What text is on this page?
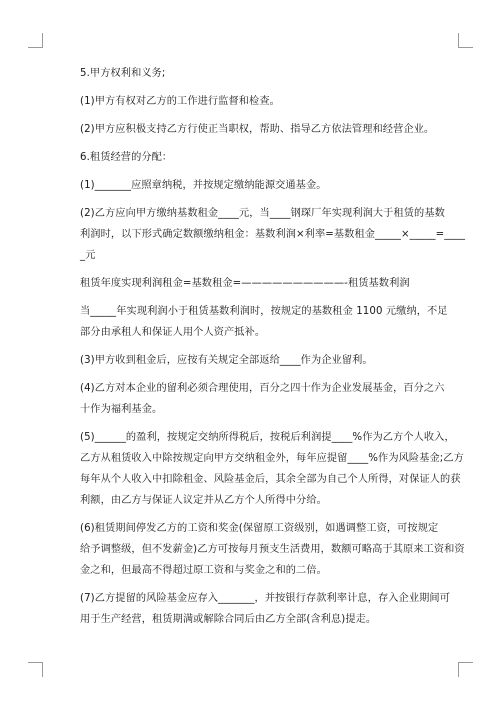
5.甲方权利和义务;
(1)甲方有权对乙方的工作进行监督和检查。
(2)甲方应积极支持乙方行使正当职权，帮助、指导乙方依法管理和经营企业。
6.租赁经营的分配：
(1)_______应照章纳税，并按规定缴纳能源交通基金。
(2)乙方应向甲方缴纳基数租金____元，当____钢琛厂年实现利润大于租赁的基数
利润时，以下形式确定数额缴纳租金：基数利润×利率=基数租金_____×_____=____
_元
租赁年度实现利润租金=基数租金=——————————-租赁基数利润
当_____年实现利润小于租赁基数利润时，按规定的基数租金 1100 元缴纳，不足
部分由承租人和保证人用个人资产抵补。
(3)甲方收到租金后，应按有关规定全部返给____作为企业留利。
(4)乙方对本企业的留利必须合理使用，百分之四十作为企业发展基金，百分之六
十作为福利基金。
(5)______的盈利，按规定交纳所得税后，按税后利润提____%作为乙方个人收入，
乙方从租赁收入中除按规定向甲方交纳租金外，每年应提留____%作为风险基金;乙方
每年从个人收入中扣除租金、风险基金后，其余全部为自己个人所得，对保证人的获
利额，由乙方与保证人议定并从乙方个人所得中分给。
(6)租赁期间停发乙方的工资和奖金(保留原工资级别，如遇调整工资，可按规定
给予调整级，但不发薪金)乙方可按每月预支生活费用，数额可略高于其原来工资和资
金之和，但最高不得超过原工资和与奖金之和的二倍。
(7)乙方提留的风险基金应存入_______，并按银行存款利率计息，存入企业期间可
用于生产经营，租赁期满或解除合同后由乙方全部(含利息)提走。
